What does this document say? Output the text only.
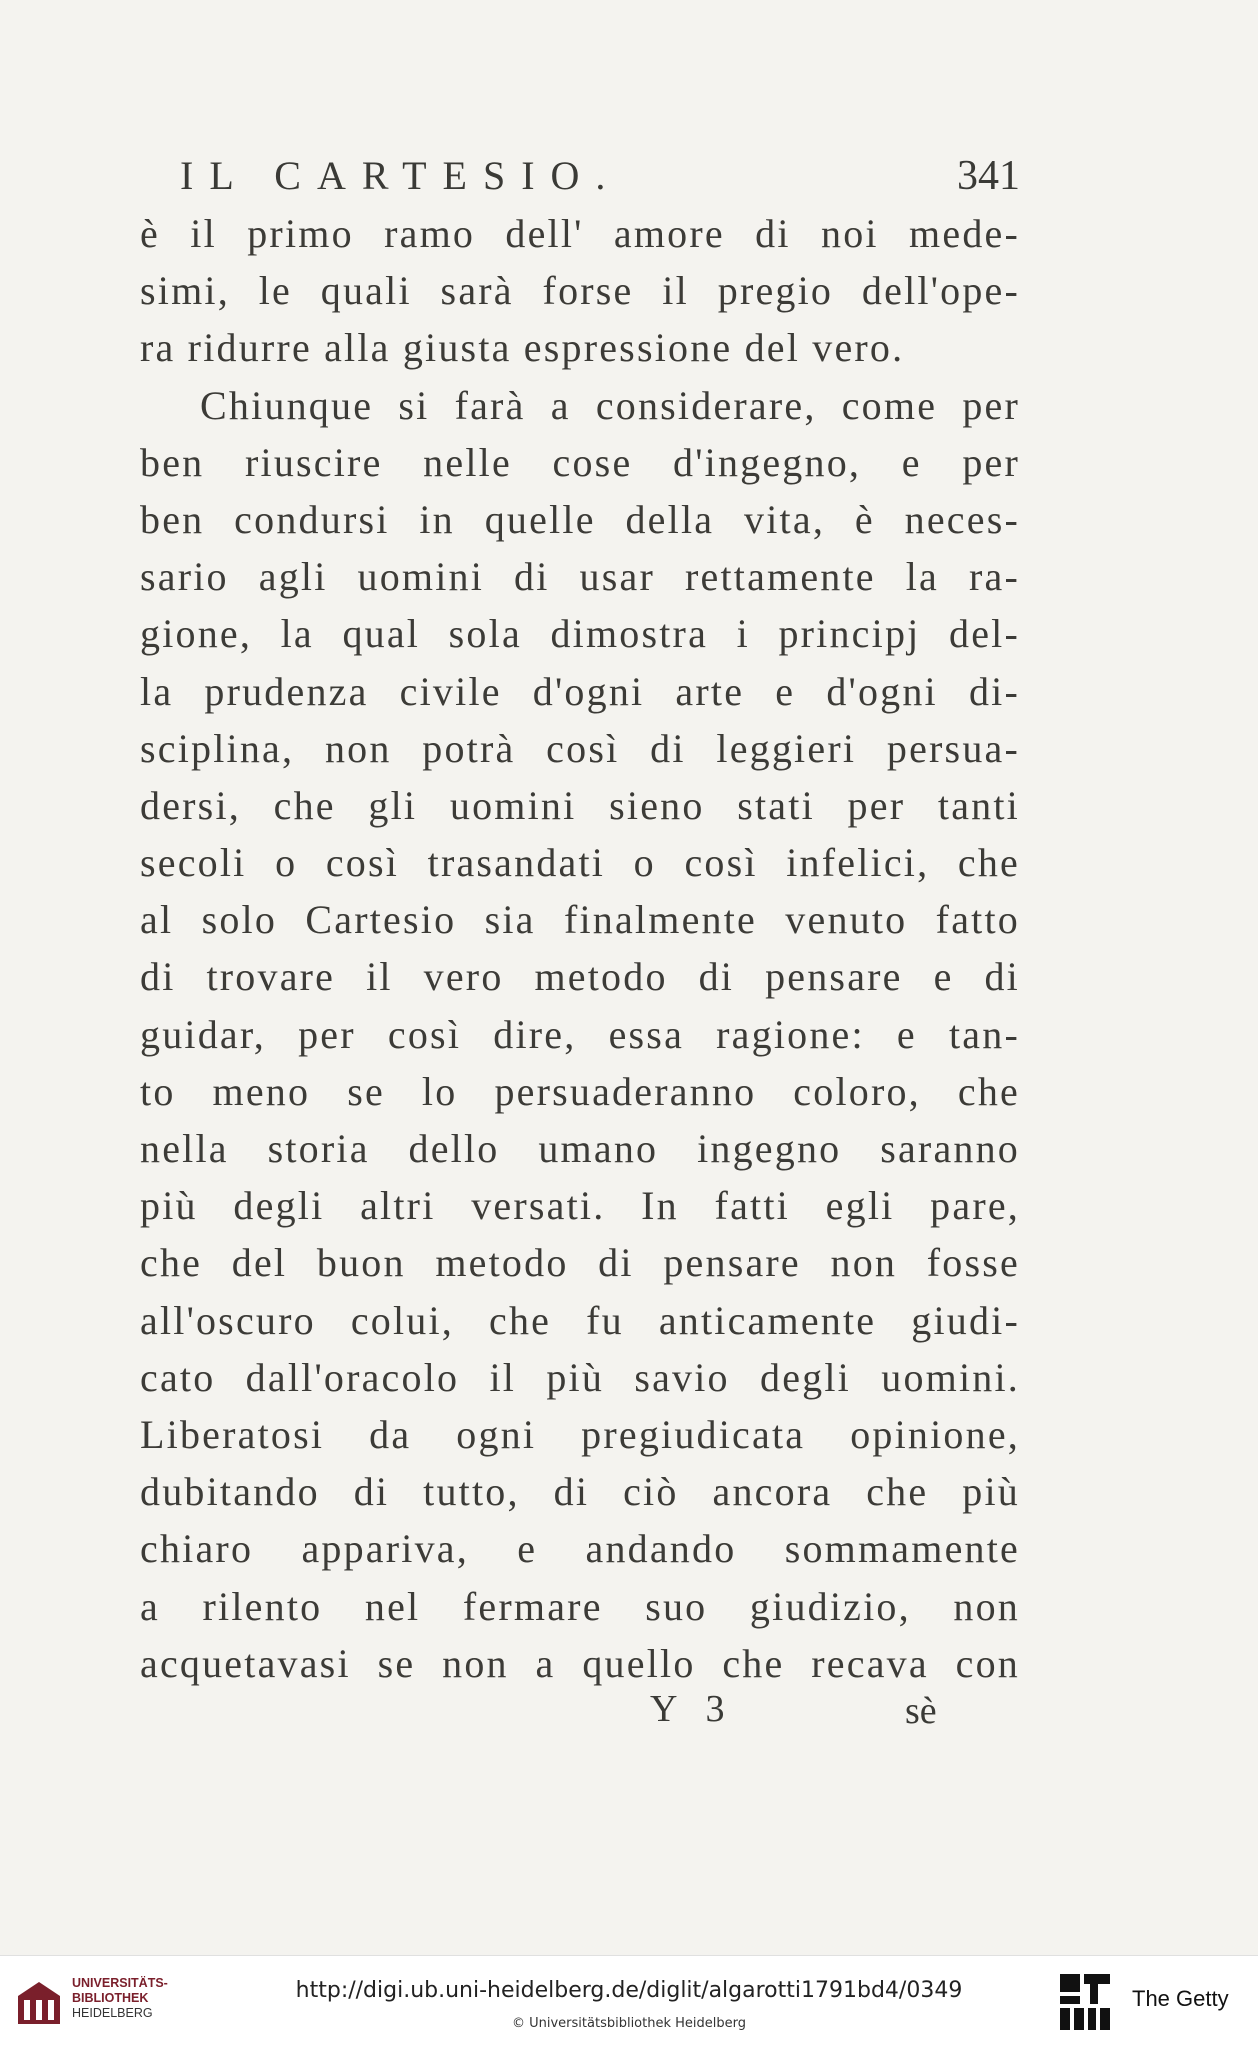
IL CARTESIO.	341
è il primo ramo dell' amore di noi mede-
simi, le quali sarà forse il pregio dell'ope-
ra ridurre alla giusta espressione del vero.
Chiunque si farà a considerare, come per
ben riuscire nelle cose d'ingegno, e per
ben condursi in quelle della vita, è neces-
sario agli uomini di usar rettamente la ra-
gione, la qual sola dimostra i principj del-
la prudenza civile d'ogni arte e d'ogni di-
sciplina, non potrà così di leggieri persua-
dersi, che gli uomini sieno stati per tanti
secoli o così trasandati o così infelici, che
al solo Cartesio sia finalmente venuto fatto
di trovare il vero metodo di pensare e di
guidar, per così dire, essa ragione: e tan-
to meno se lo persuaderanno coloro, che
nella storia dello umano ingegno saranno
più degli altri versati. In fatti egli pare,
che del buon metodo di pensare non fosse
all'oscuro colui, che fu anticamente giudi-
cato dall'oracolo il più savio degli uomini.
Liberatosi da ogni pregiudicata opinione,
dubitando di tutto, di ciò ancora che più
chiaro appariva, e andando sommamente
a rilento nel fermare suo giudizio, non
acquetavasi se non a quello che recava con
Y 3	sè
UNIVERSITÄTS-
BIBLIOTHEK
HEIDELBERG
http://digi.ub.uni-heidelberg.de/diglit/algarotti1791bd4/0349
© Universitätsbibliothek Heidelberg
The Getty
